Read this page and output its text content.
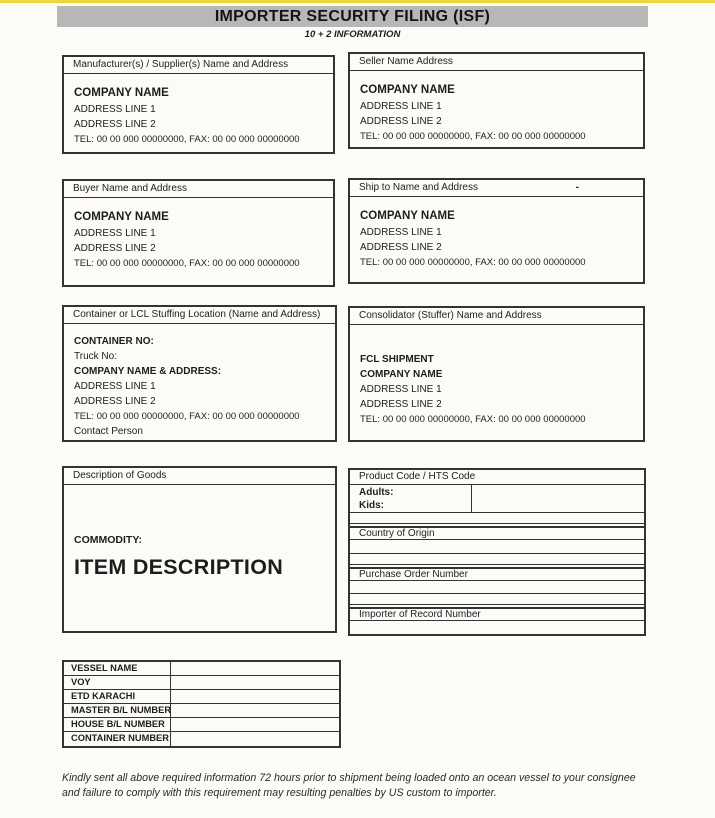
IMPORTER SECURITY FILING (ISF)
10 + 2 INFORMATION
Manufacturer(s) / Supplier(s) Name and Address
COMPANY NAME
ADDRESS LINE 1
ADDRESS LINE 2
TEL: 00 00 000 00000000, FAX: 00 00 000 00000000
Seller Name Address
COMPANY NAME
ADDRESS LINE 1
ADDRESS LINE 2
TEL: 00 00 000 00000000, FAX: 00 00 000 00000000
Buyer Name and Address
COMPANY NAME
ADDRESS LINE 1
ADDRESS LINE 2
TEL: 00 00 000 00000000, FAX: 00 00 000 00000000
-
Ship to Name and Address
COMPANY NAME
ADDRESS LINE 1
ADDRESS LINE 2
TEL: 00 00 000 00000000, FAX: 00 00 000 00000000
Container or LCL Stuffing Location (Name and Address)
CONTAINER NO:
Truck No:
COMPANY NAME & ADDRESS:
ADDRESS LINE 1
ADDRESS LINE 2
TEL: 00 00 000 00000000, FAX: 00 00 000 00000000
Contact Person
Consolidator (Stuffer) Name and Address
FCL SHIPMENT
COMPANY NAME
ADDRESS LINE 1
ADDRESS LINE 2
TEL: 00 00 000 00000000, FAX: 00 00 000 00000000
Description of Goods
COMMODITY:
ITEM DESCRIPTION
Product Code / HTS Code
Adults:
Kids:
Country of Origin
Purchase Order Number
Importer of Record Number
VESSEL NAME
VOY
ETD KARACHI
MASTER B/L NUMBER
HOUSE B/L NUMBER
CONTAINER NUMBER
Kindly sent all above required information 72 hours prior to shipment being loaded onto an ocean vessel to your consignee
and failure to comply with this requirement may resulting penalties by US custom to importer.
